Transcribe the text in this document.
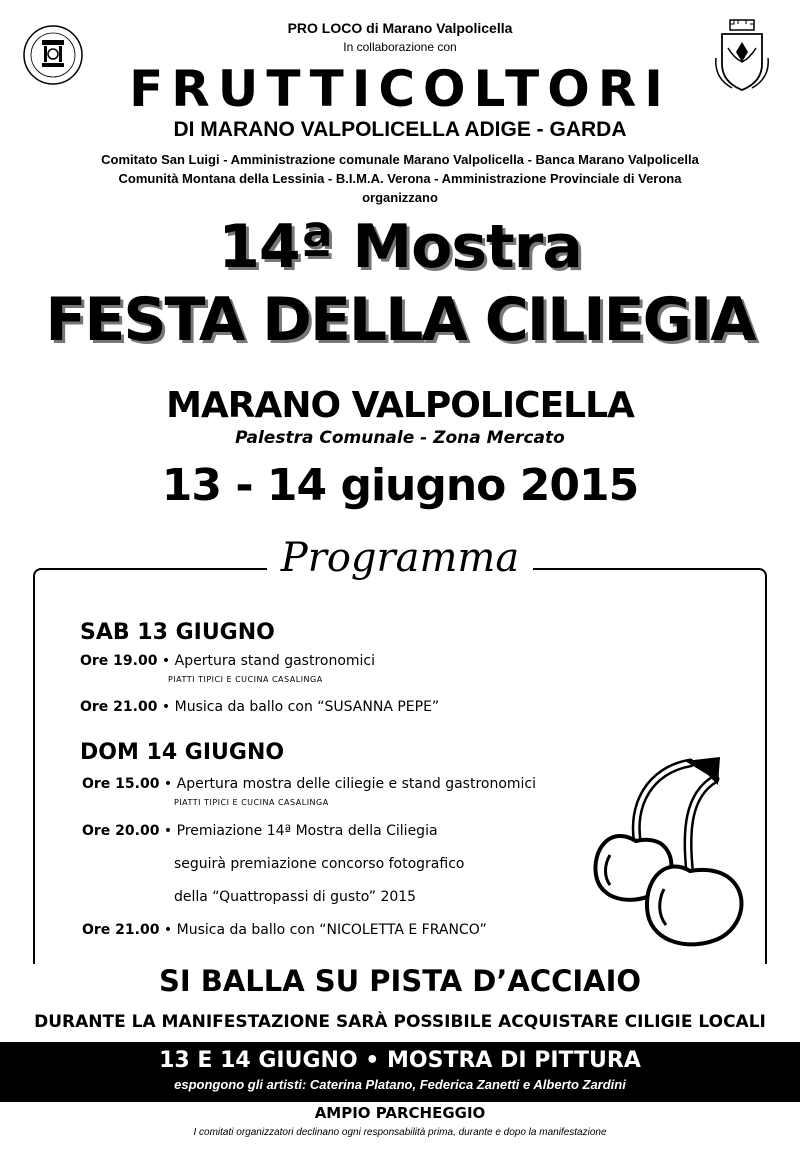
PRO LOCO di Marano Valpolicella
In collaborazione con
FRUTTICOLTORI
DI MARANO VALPOLICELLA ADIGE - GARDA
Comitato San Luigi - Amministrazione comunale Marano Valpolicella - Banca Marano Valpolicella
Comunità Montana della Lessinia - B.I.M.A. Verona - Amministrazione Provinciale di Verona
organizzano
14ª Mostra
FESTA DELLA CILIEGIA
MARANO VALPOLICELLA
Palestra Comunale - Zona Mercato
13 - 14 giugno 2015
Programma
SAB 13 GIUGNO
Ore 19.00 • Apertura stand gastronomici
PIATTI TIPICI E CUCINA CASALINGA
Ore 21.00 • Musica da ballo con “SUSANNA PEPE”
DOM 14 GIUGNO
Ore 15.00 • Apertura mostra delle ciliegie e stand gastronomici
PIATTI TIPICI E CUCINA CASALINGA
Ore 20.00 • Premiazione 14ª Mostra della Ciliegia
seguirà premiazione concorso fotografico
della “Quattropassi di gusto” 2015
Ore 21.00 • Musica da ballo con “NICOLETTA E FRANCO”
SI BALLA SU PISTA D’ACCIAIO
DURANTE LA MANIFESTAZIONE SARÀ POSSIBILE ACQUISTARE CILIGIE LOCALI
13 E 14 GIUGNO • MOSTRA DI PITTURA
espongono gli artisti: Caterina Platano, Federica Zanetti e Alberto Zardini
AMPIO PARCHEGGIO
I comitati organizzatori declinano ogni responsabilità prima, durante e dopo la manifestazione
